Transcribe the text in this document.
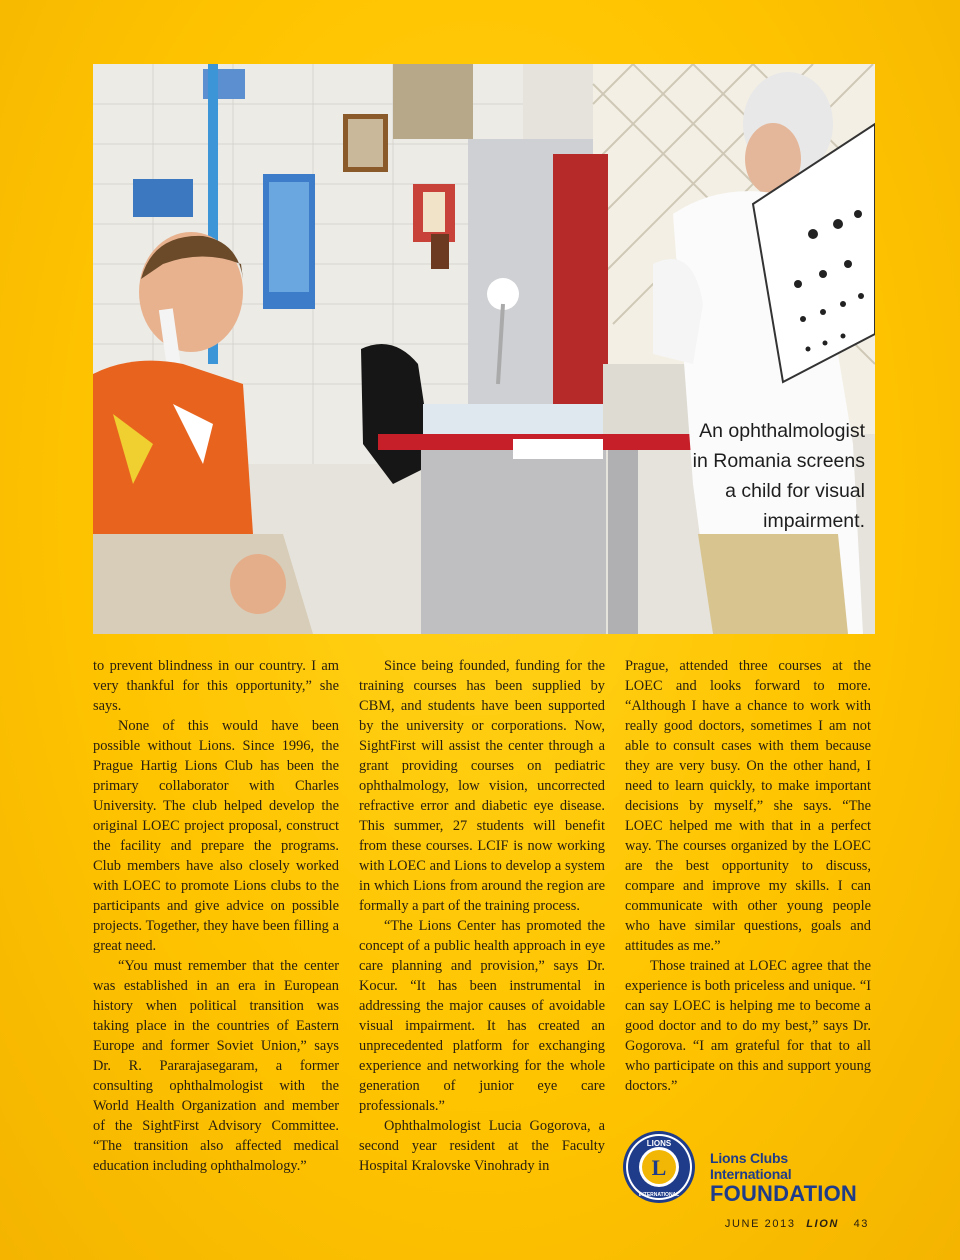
An ophthalmologist
in Romania screens
a child for visual
impairment.

to prevent blindness in our country. I am very thankful for this opportunity,” she says.

None of this would have been possible without Lions. Since 1996, the Prague Hartig Lions Club has been the primary collaborator with Charles University. The club helped develop the original LOEC project proposal, construct the facility and prepare the programs. Club members have also closely worked with LOEC to promote Lions clubs to the participants and give advice on possible projects. Together, they have been filling a great need.

“You must remember that the center was established in an era in European history when political transition was taking place in the countries of Eastern Europe and former Soviet Union,” says Dr. R. Pararajasegaram, a former consulting ophthalmologist with the World Health Organization and member of the SightFirst Advisory Committee. “The transition also affected medical education including ophthalmology.”

Since being founded, funding for the training courses has been supplied by CBM, and students have been supported by the university or corporations. Now, SightFirst will assist the center through a grant providing courses on pediatric ophthalmology, low vision, uncorrected refractive error and diabetic eye disease. This summer, 27 students will benefit from these courses. LCIF is now working with LOEC and Lions to develop a system in which Lions from around the region are formally a part of the training process.

“The Lions Center has promoted the concept of a public health approach in eye care planning and provision,” says Dr. Kocur. “It has been instrumental in addressing the major causes of avoidable visual impairment. It has created an unprecedented platform for exchanging experience and networking for the whole generation of junior eye care professionals.”

Ophthalmologist Lucia Gogorova, a second year resident at the Faculty Hospital Kralovske Vinohrady in

Prague, attended three courses at the LOEC and looks forward to more. “Although I have a chance to work with really good doctors, sometimes I am not able to consult cases with them because they are very busy. On the other hand, I need to learn quickly, to make important decisions by myself,” she says. “The LOEC helped me with that in a perfect way. The courses organized by the LOEC are the best opportunity to discuss, compare and improve my skills. I can communicate with other young people who have similar questions, goals and attitudes as me.”

Those trained at LOEC agree that the experience is both priceless and unique. “I can say LOEC is helping me to become a good doctor and to do my best,” says Dr. Gogorova. “I am grateful for that to all who participate on this and support young doctors.”

L
LIONS
INTERNATIONAL
Lions Clubs International
FOUNDATION
JUNE 2013 LION 43
